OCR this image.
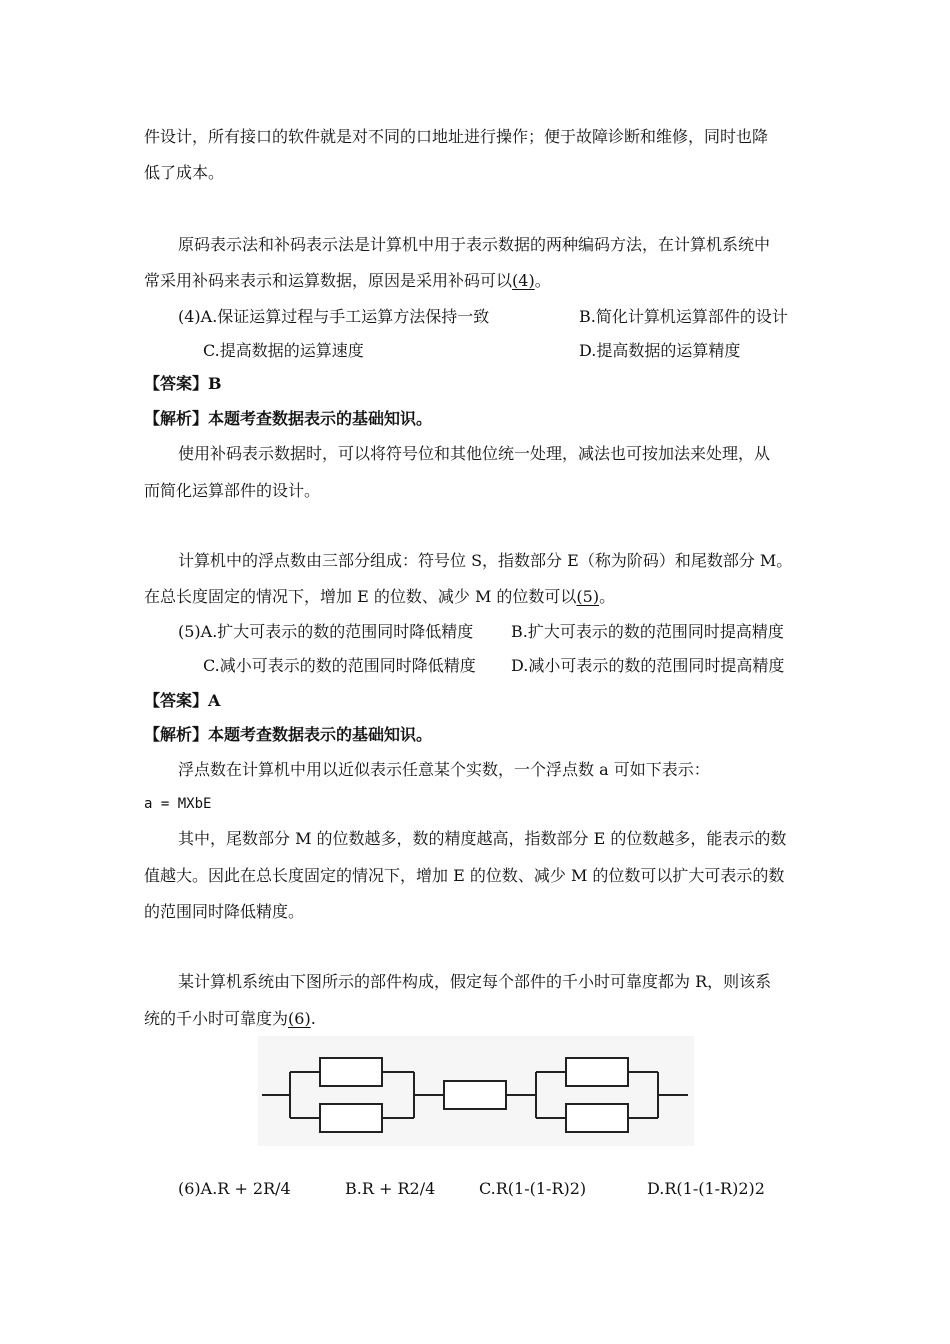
件设计，所有接口的软件就是对不同的口地址进行操作；便于故障诊断和维修，同时也降
低了成本。
原码表示法和补码表示法是计算机中用于表示数据的两种编码方法，在计算机系统中
常采用补码来表示和运算数据，原因是采用补码可以(4)。
(4)A.保证运算过程与手工运算方法保持一致	B.简化计算机运算部件的设计
C.提高数据的运算速度	D.提高数据的运算精度
【答案】B
【解析】本题考查数据表示的基础知识。
使用补码表示数据时，可以将符号位和其他位统一处理，减法也可按加法来处理，从
而简化运算部件的设计。
计算机中的浮点数由三部分组成：符号位 S，指数部分 E（称为阶码）和尾数部分 M。
在总长度固定的情况下，增加 E 的位数、减少 M 的位数可以(5)。
(5)A.扩大可表示的数的范围同时降低精度 B.扩大可表示的数的范围同时提高精度
C.减小可表示的数的范围同时降低精度 D.减小可表示的数的范围同时提高精度
【答案】A
【解析】本题考查数据表示的基础知识。
浮点数在计算机中用以近似表示任意某个实数，一个浮点数 a 可如下表示：
a = MXbE
其中，尾数部分 M 的位数越多，数的精度越高，指数部分 E 的位数越多，能表示的数
值越大。因此在总长度固定的情况下，增加 E 的位数、减少 M 的位数可以扩大可表示的数
的范围同时降低精度。
某计算机系统由下图所示的部件构成，假定每个部件的千小时可靠度都为 R，则该系
统的千小时可靠度为(6).
(6)A.R + 2R/4	B.R + R2/4	C.R(1-(1-R)2)	D.R(1-(1-R)2)2
